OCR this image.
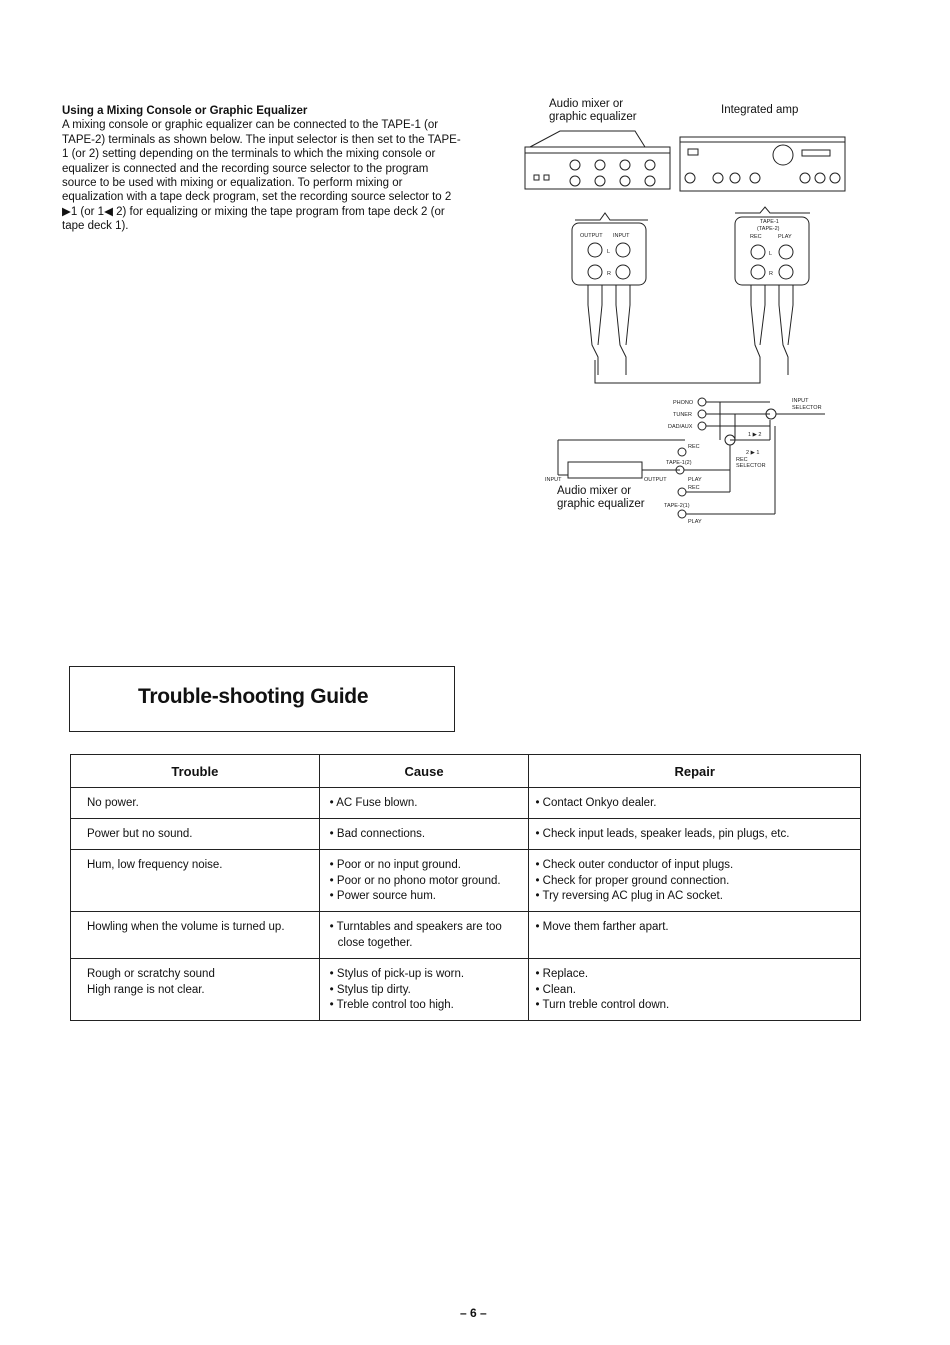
Using a Mixing Console or Graphic Equalizer

A mixing console or graphic equalizer can be connected to the TAPE-1 (or TAPE-2) terminals as shown below. The input selector is then set to the TAPE-1 (or 2) setting depending on the terminals to which the mixing console or equalizer is connected and the recording source selector to the program source to be used with mixing or equalization. To perform mixing or equalization with a tape deck program, set the recording source selector to 2 ▶1 (or 1◀ 2) for equalizing or mixing the tape program from tape deck 2 (or tape deck 1).

Audio mixer or
graphic equalizer
Integrated amp
OUTPUT INPUT
L
R
TAPE-1
(TAPE-2)
REC	PLAY
L
R
PHONO
TUNER
DAD/AUX
INPUT
SELECTOR
1 ▶ 2
2 ▶ 1
REC
SELECTOR
REC
TAPE-1(2)
PLAY
INPUT	OUTPUT
REC
TAPE-2(1)
PLAY
Audio mixer or
graphic equalizer
Trouble-shooting Guide
Trouble	Cause	Repair

No power.	• AC Fuse blown.	• Contact Onkyo dealer.

Power but no sound.	• Bad connections.	• Check input leads, speaker leads, pin plugs, etc.

Hum, low frequency noise.	• Poor or no input ground.
• Poor or no phono motor ground.
• Power source hum.	• Check outer conductor of input plugs.
• Check for proper ground connection.
• Try reversing AC plug in AC socket.

Howling when the volume is turned up.	• Turntables and speakers are too close together.	• Move them farther apart.

Rough or scratchy sound
High range is not clear.	• Stylus of pick-up is worn.
• Stylus tip dirty.
• Treble control too high.	• Replace.
• Clean.
• Turn treble control down.
– 6 –
